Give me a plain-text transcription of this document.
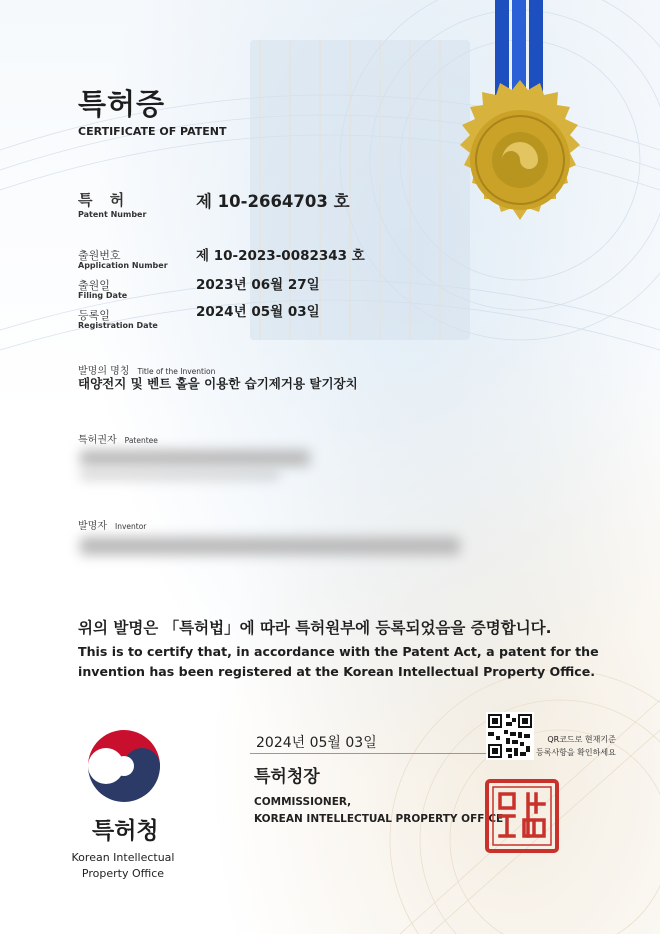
특허증
CERTIFICATE OF PATENT
특 허
Patent Number
제 10-2664703 호
출원번호
Application Number
제 10-2023-0082343 호
출원일
Filing Date
2023년 06월 27일
등록일
Registration Date
2024년 05월 03일
발명의 명칭 Title of the Invention
태양전지 및 벤트 홀을 이용한 습기제거용 탈기장치
특허권자 Patentee
발명자 Inventor
위의 발명은 「특허법」에 따라 특허원부에 등록되었음을 증명합니다.
This is to certify that, in accordance with the Patent Act, a patent for the
invention has been registered at the Korean Intellectual Property Office.
특허청
Korean Intellectual Property Office
2024년 05월 03일
특허청장
COMMISSIONER,
KOREAN INTELLECTUAL PROPERTY OFFICE
QR코드로 현재기준
등록사항을 확인하세요
